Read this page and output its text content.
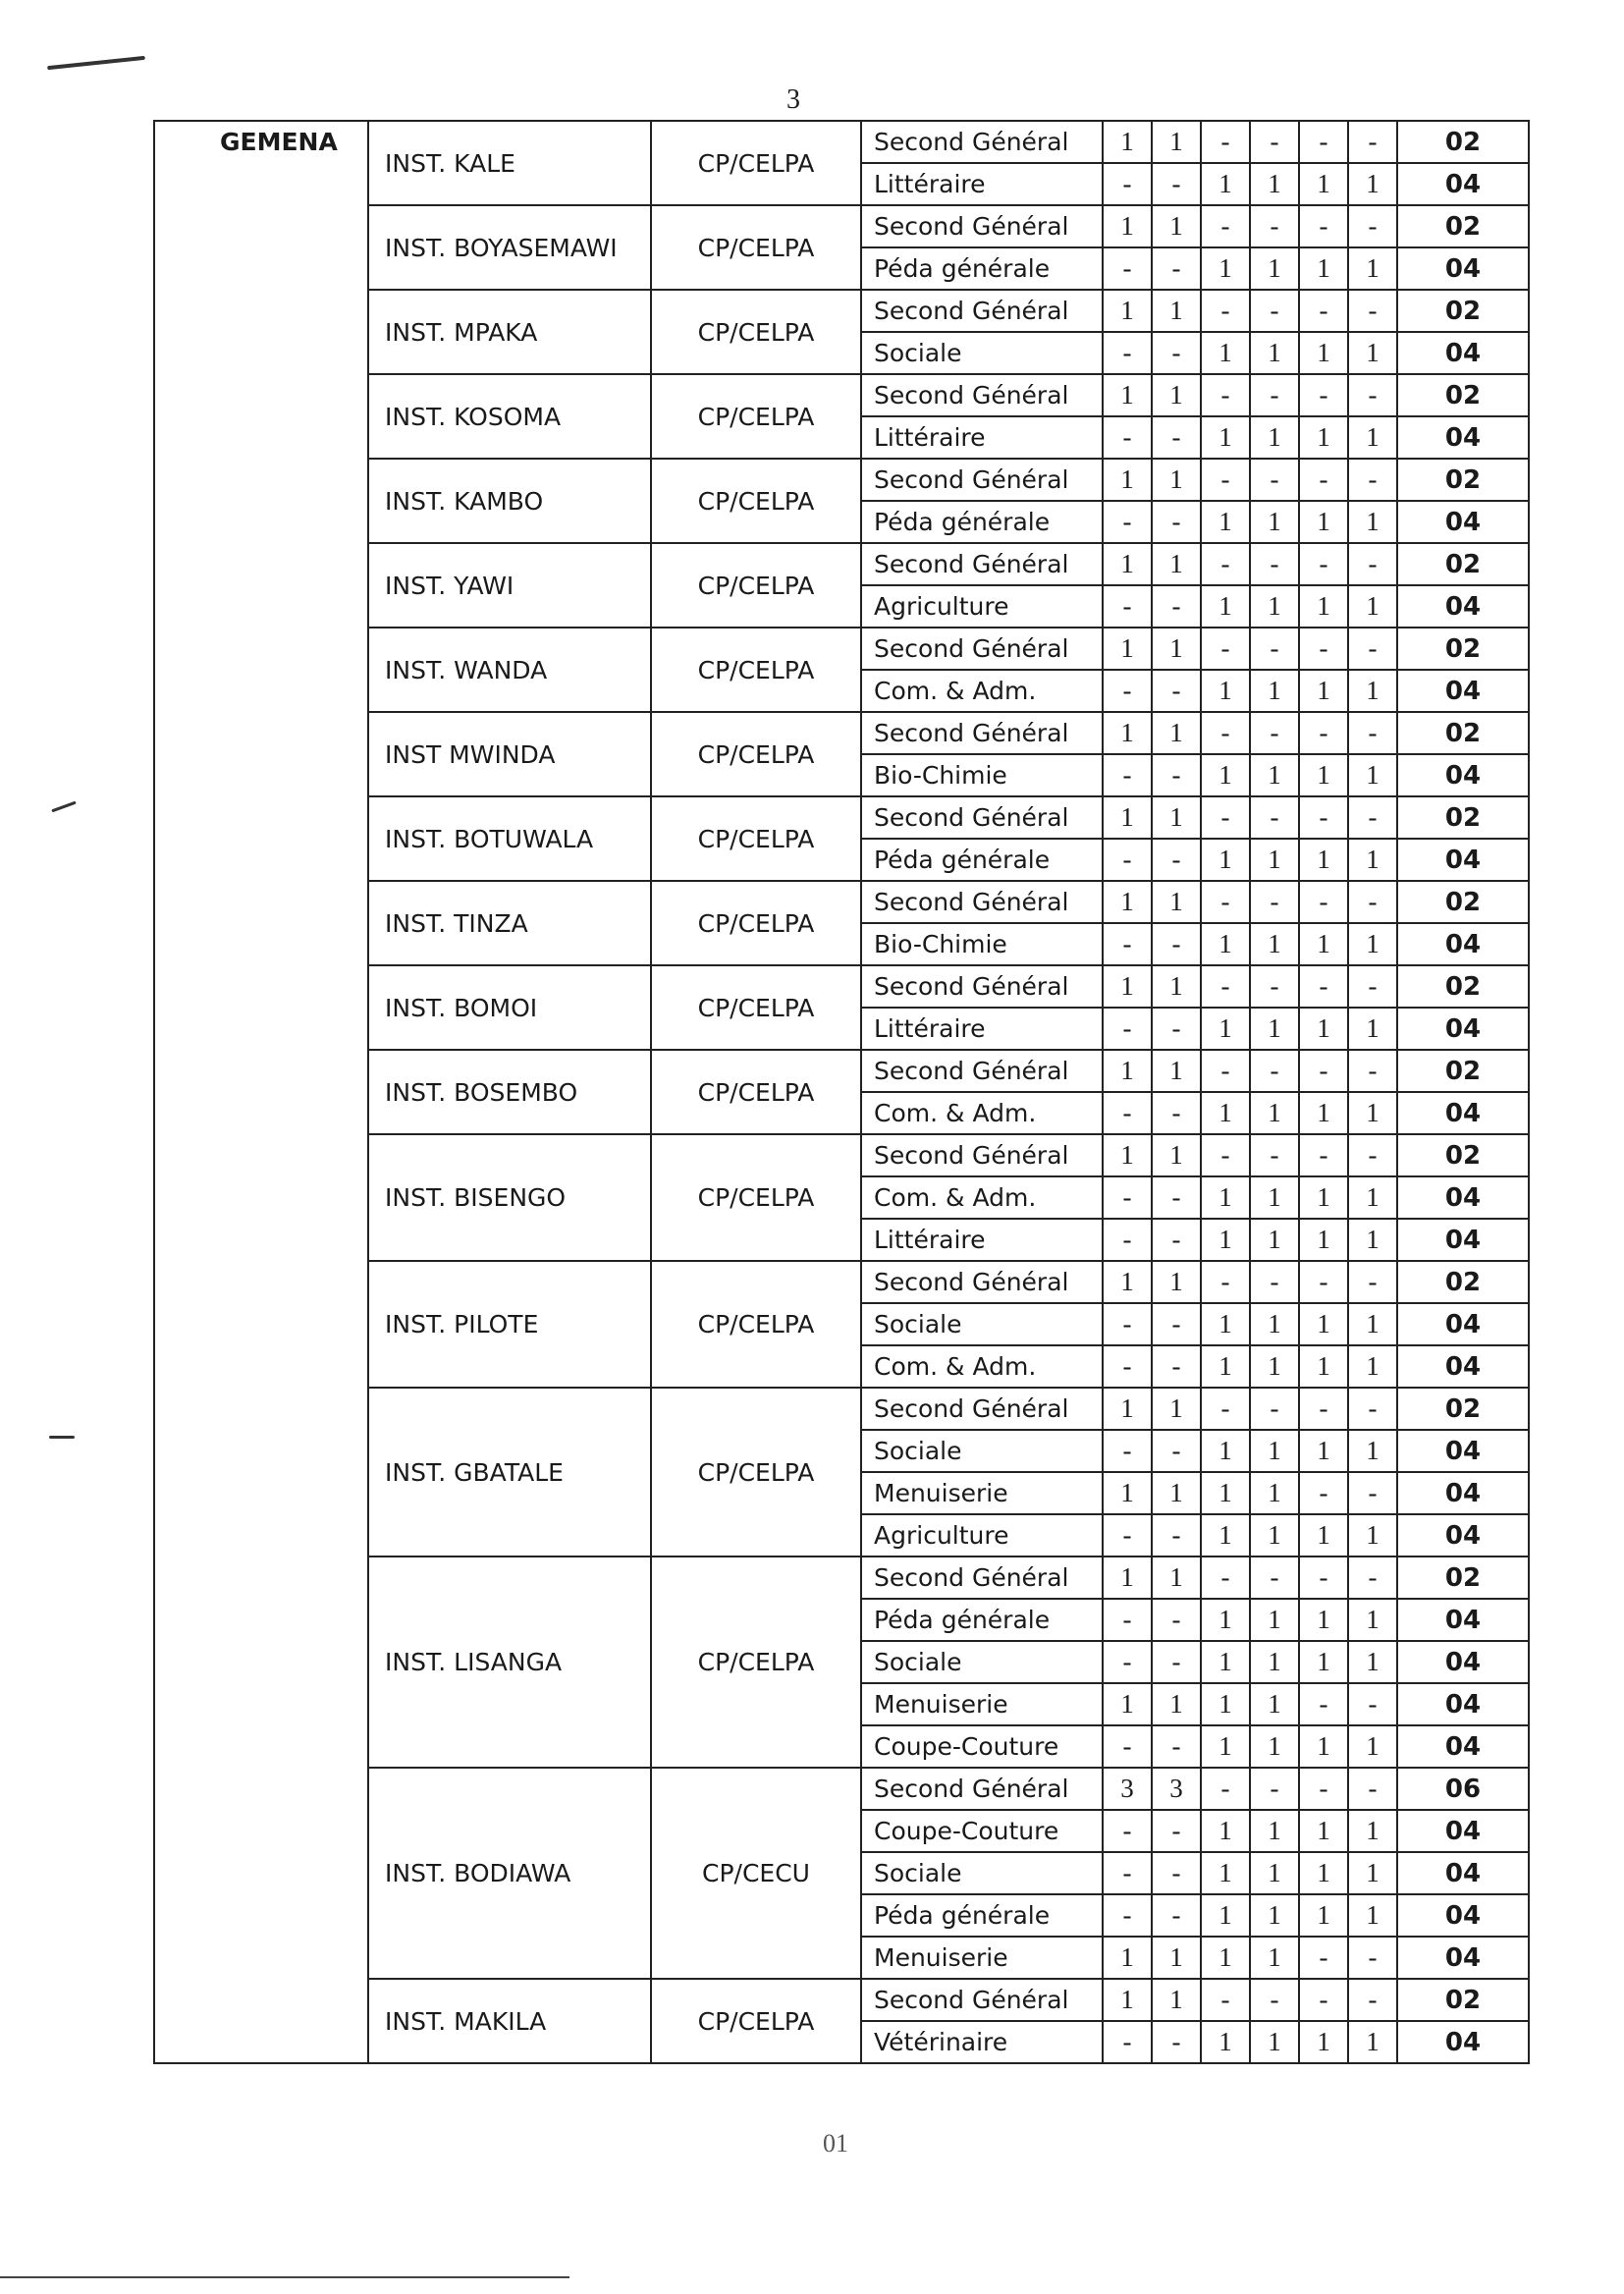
3
GEMENA	INST. KALE	CP/CELPA	Second Général	1	1	-	-	-	-	02
			Littéraire	-	-	1	1	1	1	04
	INST. BOYASEMAWI	CP/CELPA	Second Général	1	1	-	-	-	-	02
			Péda générale	-	-	1	1	1	1	04
	INST. MPAKA	CP/CELPA	Second Général	1	1	-	-	-	-	02
			Sociale	-	-	1	1	1	1	04
	INST. KOSOMA	CP/CELPA	Second Général	1	1	-	-	-	-	02
			Littéraire	-	-	1	1	1	1	04
	INST. KAMBO	CP/CELPA	Second Général	1	1	-	-	-	-	02
			Péda générale	-	-	1	1	1	1	04
	INST. YAWI	CP/CELPA	Second Général	1	1	-	-	-	-	02
			Agriculture	-	-	1	1	1	1	04
	INST. WANDA	CP/CELPA	Second Général	1	1	-	-	-	-	02
			Com. & Adm.	-	-	1	1	1	1	04
	INST MWINDA	CP/CELPA	Second Général	1	1	-	-	-	-	02
			Bio-Chimie	-	-	1	1	1	1	04
	INST. BOTUWALA	CP/CELPA	Second Général	1	1	-	-	-	-	02
			Péda générale	-	-	1	1	1	1	04
	INST. TINZA	CP/CELPA	Second Général	1	1	-	-	-	-	02
			Bio-Chimie	-	-	1	1	1	1	04
	INST. BOMOI	CP/CELPA	Second Général	1	1	-	-	-	-	02
			Littéraire	-	-	1	1	1	1	04
	INST. BOSEMBO	CP/CELPA	Second Général	1	1	-	-	-	-	02
			Com. & Adm.	-	-	1	1	1	1	04
	INST. BISENGO	CP/CELPA	Second Général	1	1	-	-	-	-	02
			Com. & Adm.	-	-	1	1	1	1	04
			Littéraire	-	-	1	1	1	1	04
	INST. PILOTE	CP/CELPA	Second Général	1	1	-	-	-	-	02
			Sociale	-	-	1	1	1	1	04
			Com. & Adm.	-	-	1	1	1	1	04
	INST. GBATALE	CP/CELPA	Second Général	1	1	-	-	-	-	02
			Sociale	-	-	1	1	1	1	04
			Menuiserie	1	1	1	1	-	-	04
			Agriculture	-	-	1	1	1	1	04
	INST. LISANGA	CP/CELPA	Second Général	1	1	-	-	-	-	02
			Péda générale	-	-	1	1	1	1	04
			Sociale	-	-	1	1	1	1	04
			Menuiserie	1	1	1	1	-	-	04
			Coupe-Couture	-	-	1	1	1	1	04
	INST. BODIAWA	CP/CECU	Second Général	3	3	-	-	-	-	06
			Coupe-Couture	-	-	1	1	1	1	04
			Sociale	-	-	1	1	1	1	04
			Péda générale	-	-	1	1	1	1	04
			Menuiserie	1	1	1	1	-	-	04
	INST. MAKILA	CP/CELPA	Second Général	1	1	-	-	-	-	02
			Vétérinaire	-	-	1	1	1	1	04
01
